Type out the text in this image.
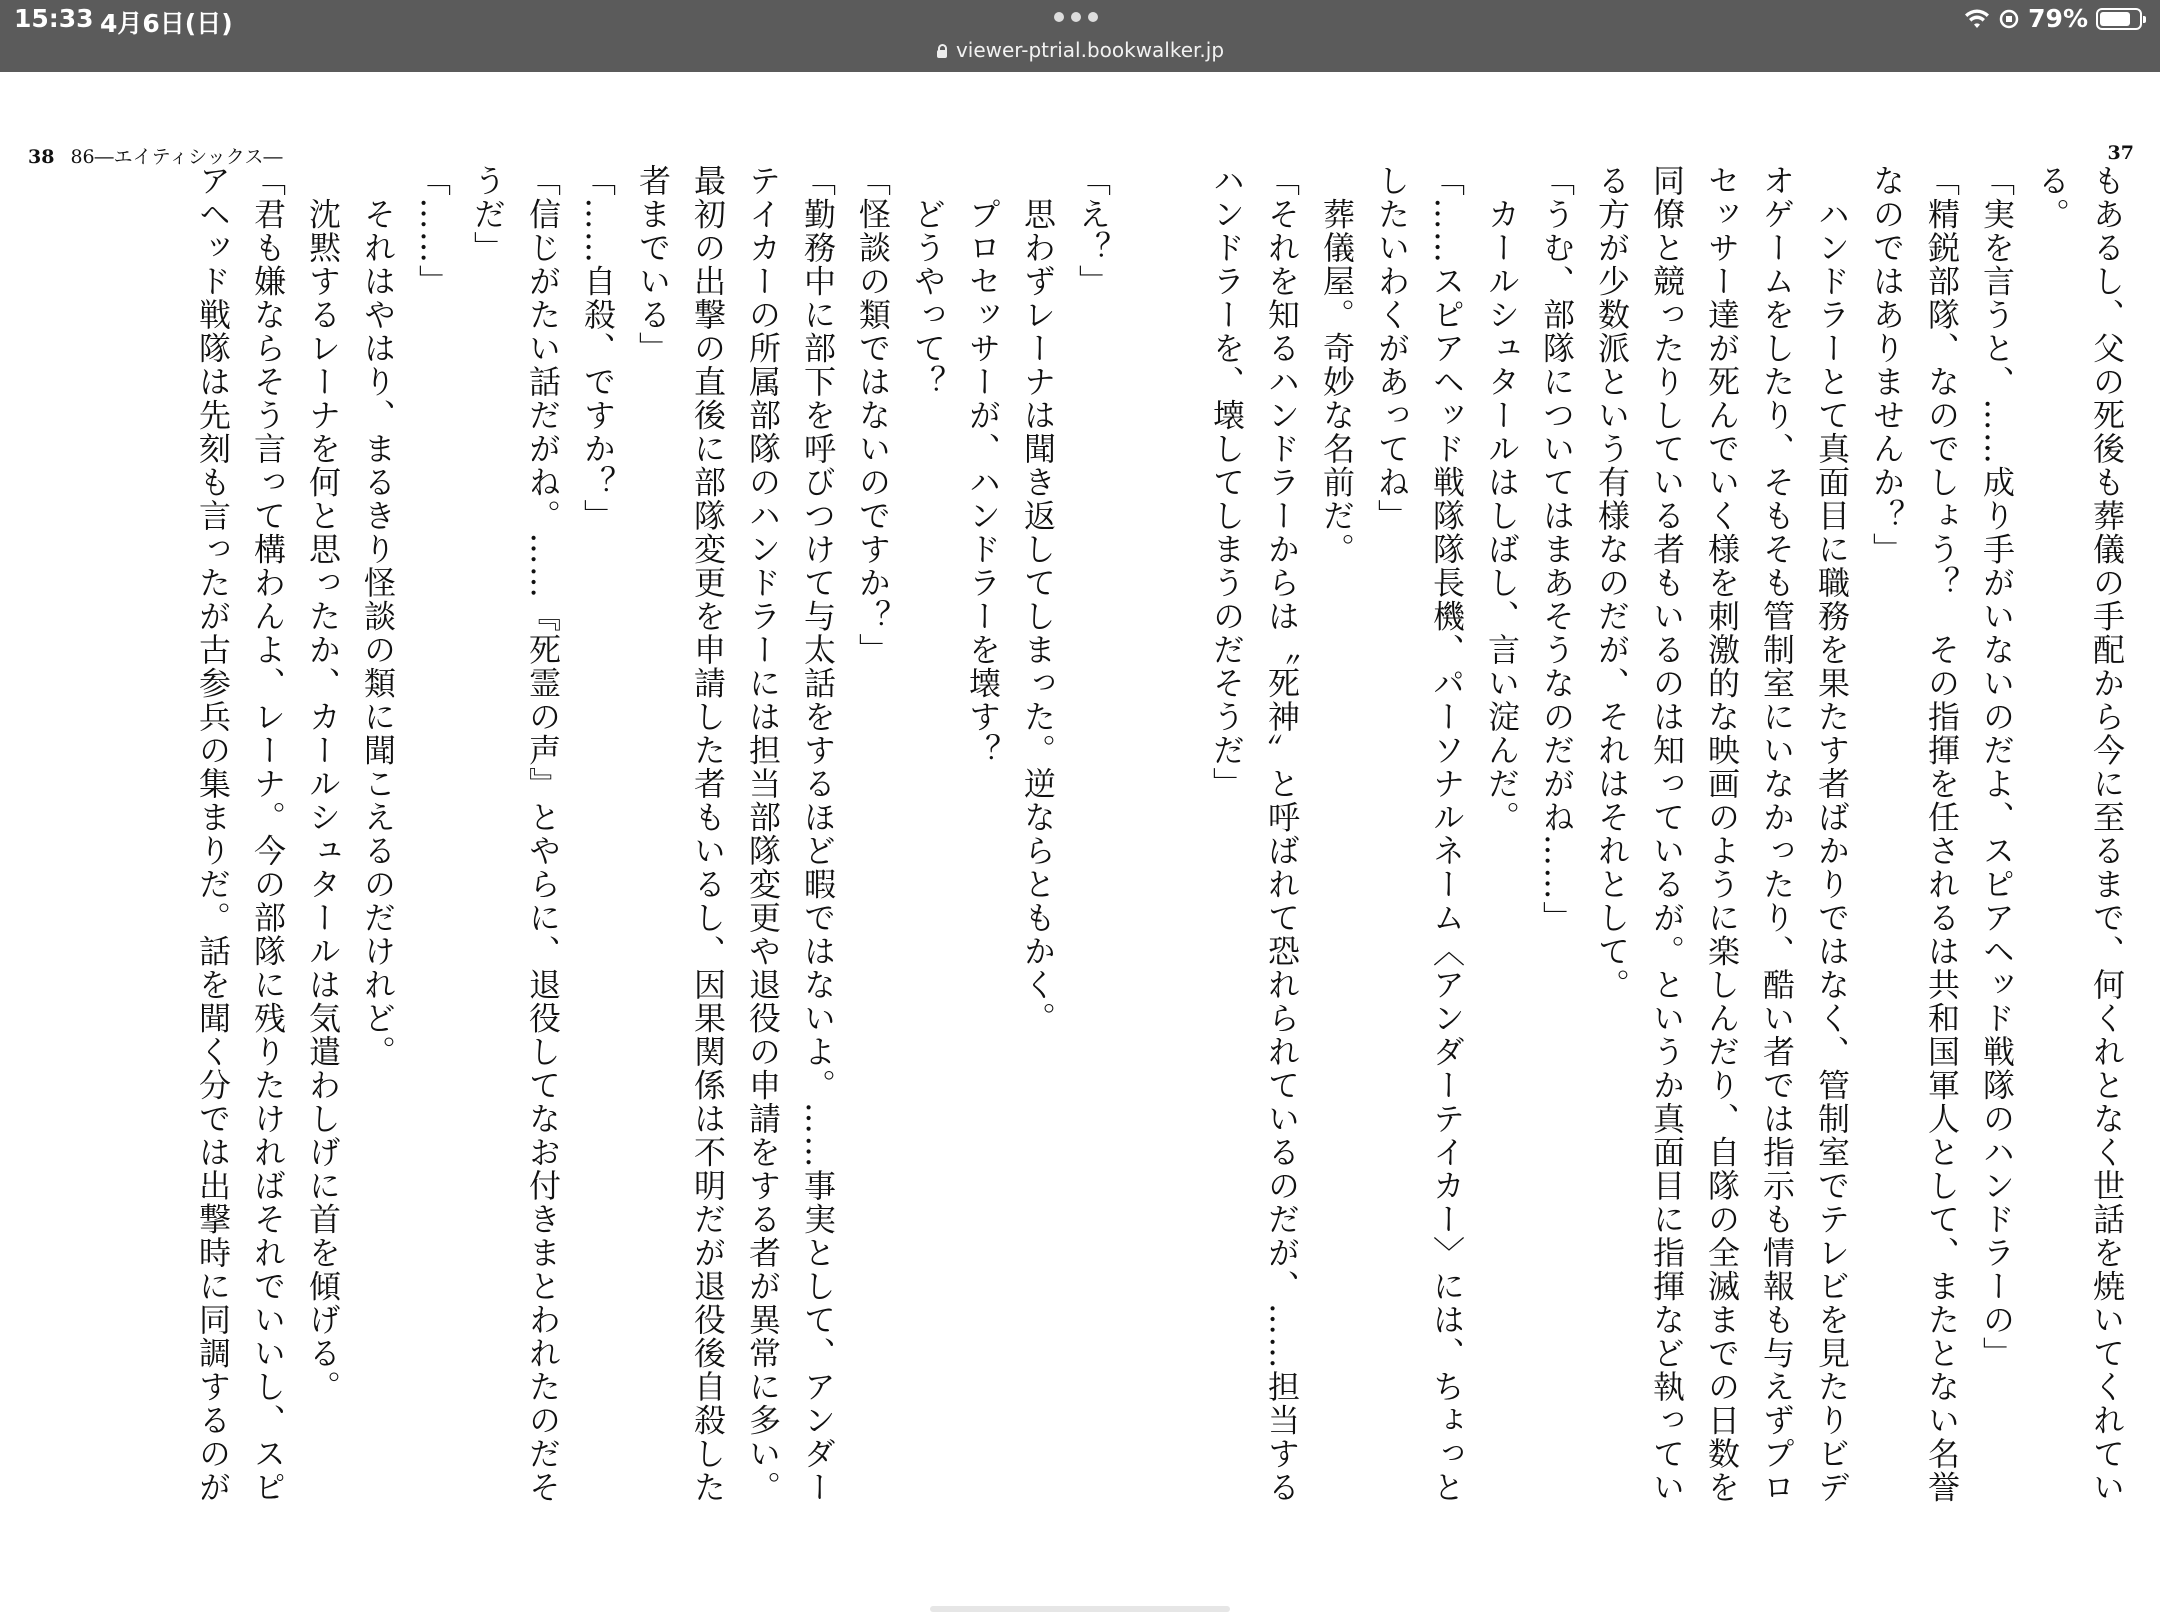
15:33 4月6日(日)
viewer-ptrial.bookwalker.jp
79%
38 86―エイティシックス―	37
もあるし、父の死後も葬儀の手配から今に至るまで、何くれとなく世話を焼いてくれてい
る。
「実を言うと、……成り手がいないのだよ、スピアヘッド戦隊のハンドラーの」
「精鋭部隊、なのでしょう？　その指揮を任されるは共和国軍人として、またとない名誉
なのではありませんか？」
　ハンドラーとて真面目に職務を果たす者ばかりではなく、管制室でテレビを見たりビデ
オゲームをしたり、そもそも管制室にいなかったり、酷い者では指示も情報も与えずプロ
セッサー達が死んでいく様を刺激的な映画のように楽しんだり、自隊の全滅までの日数を
同僚と競ったりしている者もいるのは知っているが。というか真面目に指揮など執ってい
る方が少数派という有様なのだが、それはそれとして。
「うむ、部隊についてはまあそうなのだがね……」
　カールシュタールはしばし、言い淀んだ。
「……スピアヘッド戦隊隊長機、パーソナルネーム〈アンダーテイカー〉には、ちょっと
したいわくがあってね」
　葬儀屋。奇妙な名前だ。
「それを知るハンドラーからは〝死神〟と呼ばれて恐れられているのだが、……担当する
ハンドラーを、壊してしまうのだそうだ」
「え？」
　思わずレーナは聞き返してしまった。逆ならともかく。
　プロセッサーが、ハンドラーを壊す？
　どうやって？
「怪談の類ではないのですか？」
「勤務中に部下を呼びつけて与太話をするほど暇ではないよ。……事実として、アンダー
テイカーの所属部隊のハンドラーには担当部隊変更や退役の申請をする者が異常に多い。
最初の出撃の直後に部隊変更を申請した者もいるし、因果関係は不明だが退役後自殺した
者までいる」
「……自殺、ですか？」
「信じがたい話だがね。……『死霊の声』とやらに、退役してなお付きまとわれたのだそ
うだ」
「……」
　それはやはり、まるきり怪談の類に聞こえるのだけれど。
　沈黙するレーナを何と思ったか、カールシュタールは気遣わしげに首を傾げる。
「君も嫌ならそう言って構わんよ、レーナ。今の部隊に残りたければそれでいいし、スピ
アヘッド戦隊は先刻も言ったが古参兵の集まりだ。話を聞く分では出撃時に同調するのが
